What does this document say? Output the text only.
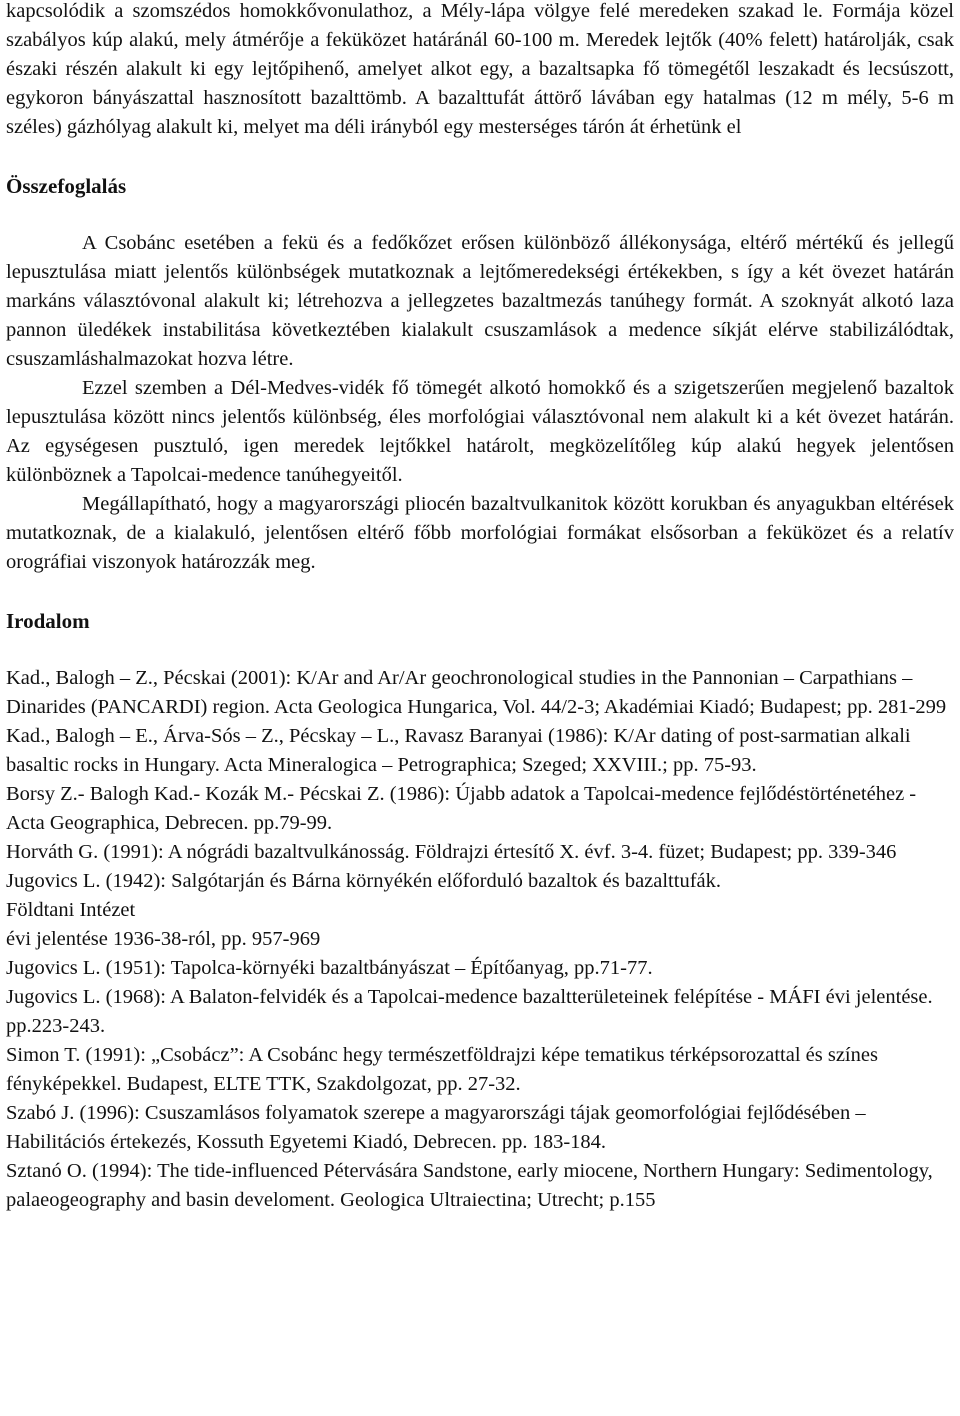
kapcsolódik a szomszédos homokkővonulathoz, a Mély-lápa völgye felé meredeken szakad le. Formája közel szabályos kúp alakú, mely átmérője a feküközet határánál 60-100 m. Meredek lejtők (40% felett) határolják, csak északi részén alakult ki egy lejtőpihenő, amelyet alkot egy, a bazaltsapka fő tömegétől leszakadt és lecsúszott, egykoron bányászattal hasznosított bazalttömb. A bazalttufát áttörő lávában egy hatalmas (12 m mély, 5-6 m széles) gázhólyag alakult ki, melyet ma déli irányból egy mesterséges tárón át érhetünk el

Összefoglalás

A Csobánc esetében a fekü és a fedőkőzet erősen különböző állékonysága, eltérő mértékű és jellegű lepusztulása miatt jelentős különbségek mutatkoznak a lejtőmeredekségi értékekben, s így a két övezet határán markáns választóvonal alakult ki; létrehozva a jellegzetes bazaltmezás tanúhegy formát. A szoknyát alkotó laza pannon üledékek instabilitása következtében kialakult csuszamlások a medence síkját elérve stabilizálódtak, csuszamláshalmazokat hozva létre.

Ezzel szemben a Dél-Medves-vidék fő tömegét alkotó homokkő és a szigetszerűen megjelenő bazaltok lepusztulása között nincs jelentős különbség, éles morfológiai választóvonal nem alakult ki a két övezet határán. Az egységesen pusztuló, igen meredek lejtőkkel határolt, megközelítőleg kúp alakú hegyek jelentősen különböznek a Tapolcai-medence tanúhegyeitől.

Megállapítható, hogy a magyarországi pliocén bazaltvulkanitok között korukban és anyagukban eltérések mutatkoznak, de a kialakuló, jelentősen eltérő főbb morfológiai formákat elsősorban a feküközet és a relatív orográfiai viszonyok határozzák meg.

Irodalom

Kad., Balogh – Z., Pécskai (2001): K/Ar and Ar/Ar geochronological studies in the Pannonian – Carpathians – Dinarides (PANCARDI) region. Acta Geologica Hungarica, Vol. 44/2-3; Akadémiai Kiadó; Budapest; pp. 281-299

Kad., Balogh – E., Árva-Sós – Z., Pécskay – L., Ravasz Baranyai (1986): K/Ar dating of post-sarmatian alkali basaltic rocks in Hungary. Acta Mineralogica – Petrographica; Szeged; XXVIII.; pp. 75-93.

Borsy Z.- Balogh Kad.- Kozák M.- Pécskai Z. (1986): Újabb adatok a Tapolcai-medence fejlődéstörténetéhez - Acta Geographica, Debrecen. pp.79-99.

Horváth G. (1991): A nógrádi bazaltvulkánosság. Földrajzi értesítő X. évf. 3-4. füzet; Budapest; pp. 339-346

Jugovics L. (1942): Salgótarján és Bárna környékén előforduló bazaltok és bazalttufák.

Földtani Intézet

évi jelentése 1936-38-ról, pp. 957-969

Jugovics L. (1951): Tapolca-környéki bazaltbányászat – Építőanyag, pp.71-77.

Jugovics L. (1968): A Balaton-felvidék és a Tapolcai-medence bazaltterületeinek felépítése - MÁFI évi jelentése. pp.223-243.

Simon T. (1991): „Csobácz”: A Csobánc hegy természetföldrajzi képe tematikus térképsorozattal és színes fényképekkel. Budapest, ELTE TTK, Szakdolgozat, pp. 27-32.

Szabó J. (1996): Csuszamlásos folyamatok szerepe a magyarországi tájak geomorfológiai fejlődésében – Habilitációs értekezés, Kossuth Egyetemi Kiadó, Debrecen. pp. 183-184.

Sztanó O. (1994): The tide-influenced Pétervására Sandstone, early miocene, Northern Hungary: Sedimentology, palaeogeography and basin develoment. Geologica Ultraiectina; Utrecht; p.155
